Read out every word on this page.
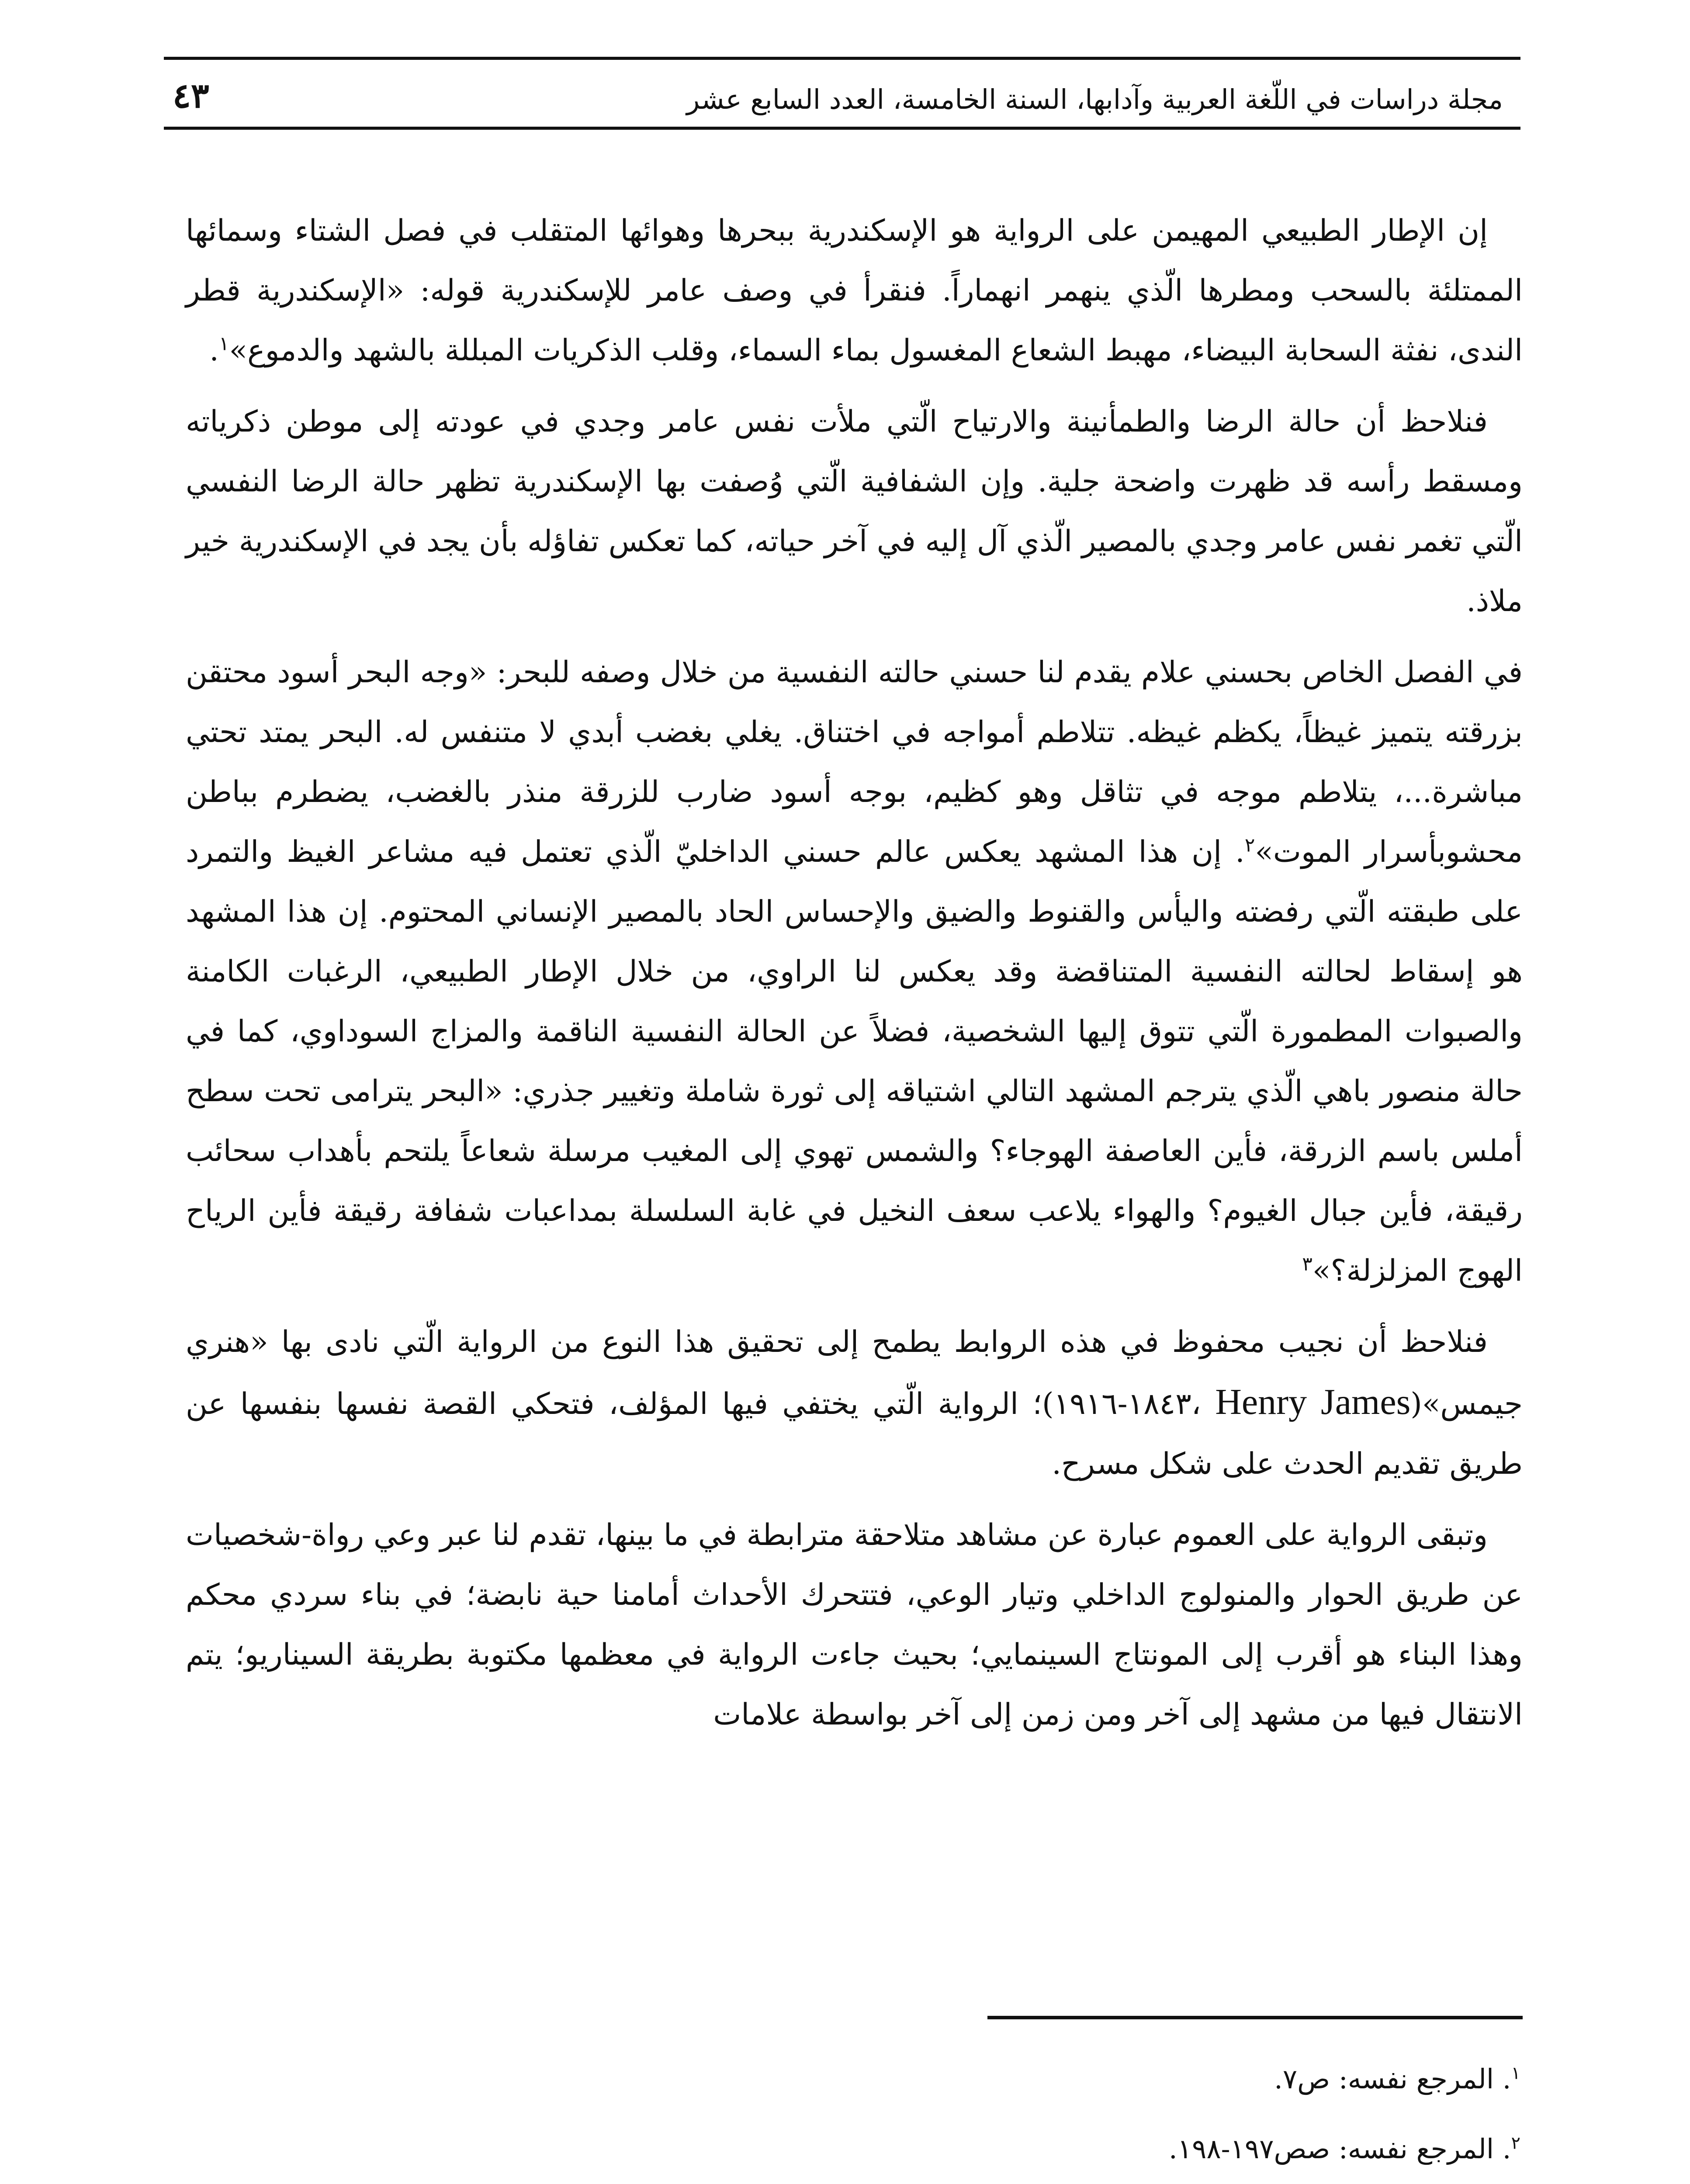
مجلة دراسات في اللّغة العربية وآدابها، السنة الخامسة، العدد السابع عشر
٤٣

إن الإطار الطبيعي المهيمن على الرواية هو الإسكندرية ببحرها وهوائها المتقلب في فصل الشتاء وسمائها الممتلئة بالسحب ومطرها الّذي ينهمر انهماراً. فنقرأ في وصف عامر للإسكندرية قوله: «الإسكندرية قطر الندى، نفثة السحابة البيضاء، مهبط الشعاع المغسول بماء السماء، وقلب الذكريات المبللة بالشهد والدموع»$^١$.

فنلاحظ أن حالة الرضا والطمأنينة والارتياح الّتي ملأت نفس عامر وجدي في عودته إلى موطن ذكرياته ومسقط رأسه قد ظهرت واضحة جلية. وإن الشفافية الّتي وُصفت بها الإسكندرية تظهر حالة الرضا النفسي الّتي تغمر نفس عامر وجدي بالمصير الّذي آل إليه في آخر حياته، كما تعكس تفاؤله بأن يجد في الإسكندرية خير ملاذ.

في الفصل الخاص بحسني علام يقدم لنا حسني حالته النفسية من خلال وصفه للبحر: «وجه البحر أسود محتقن بزرقته يتميز غيظاً، يكظم غيظه. تتلاطم أمواجه في اختناق. يغلي بغضب أبدي لا متنفس له. البحر يمتد تحتي مباشرة...، يتلاطم موجه في تثاقل وهو كظيم، بوجه أسود ضارب للزرقة منذر بالغضب، يضطرم بباطن محشوبأسرار الموت»$^٢$. إن هذا المشهد يعكس عالم حسني الداخليّ الّذي تعتمل فيه مشاعر الغيظ والتمرد على طبقته الّتي رفضته واليأس والقنوط والضيق والإحساس الحاد بالمصير الإنساني المحتوم. إن هذا المشهد هو إسقاط لحالته النفسية المتناقضة وقد يعكس لنا الراوي، من خلال الإطار الطبيعي، الرغبات الكامنة والصبوات المطمورة الّتي تتوق إليها الشخصية، فضلاً عن الحالة النفسية الناقمة والمزاج السوداوي، كما في حالة منصور باهي الّذي يترجم المشهد التالي اشتياقه إلى ثورة شاملة وتغيير جذري: «البحر يترامى تحت سطح أملس باسم الزرقة، فأين العاصفة الهوجاء؟ والشمس تهوي إلى المغيب مرسلة شعاعاً يلتحم بأهداب سحائب رقيقة، فأين جبال الغيوم؟ والهواء يلاعب سعف النخيل في غابة السلسلة بمداعبات شفافة رقيقة فأين الرياح الهوج المزلزلة؟»$^٣$

فنلاحظ أن نجيب محفوظ في هذه الروابط يطمح إلى تحقيق هذا النوع من الرواية الّتي نادى بها «هنري جيمس»(Henry James ،١٨٤٣-١٩١٦)؛ الرواية الّتي يختفي فيها المؤلف، فتحكي القصة نفسها بنفسها عن طريق تقديم الحدث على شكل مسرح.

وتبقى الرواية على العموم عبارة عن مشاهد متلاحقة مترابطة في ما بينها، تقدم لنا عبر وعي رواة-شخصيات عن طريق الحوار والمنولوج الداخلي وتيار الوعي، فتتحرك الأحداث أمامنا حية نابضة؛ في بناء سردي محكم وهذا البناء هو أقرب إلى المونتاج السينمايي؛ بحيث جاءت الرواية في معظمها مكتوبة بطريقة السيناريو؛ يتم الانتقال فيها من مشهد إلى آخر ومن زمن إلى آخر بواسطة علامات

$^١$. المرجع نفسه: ص٧.

$^٢$. المرجع نفسه: صص١٩٧-١٩٨.
